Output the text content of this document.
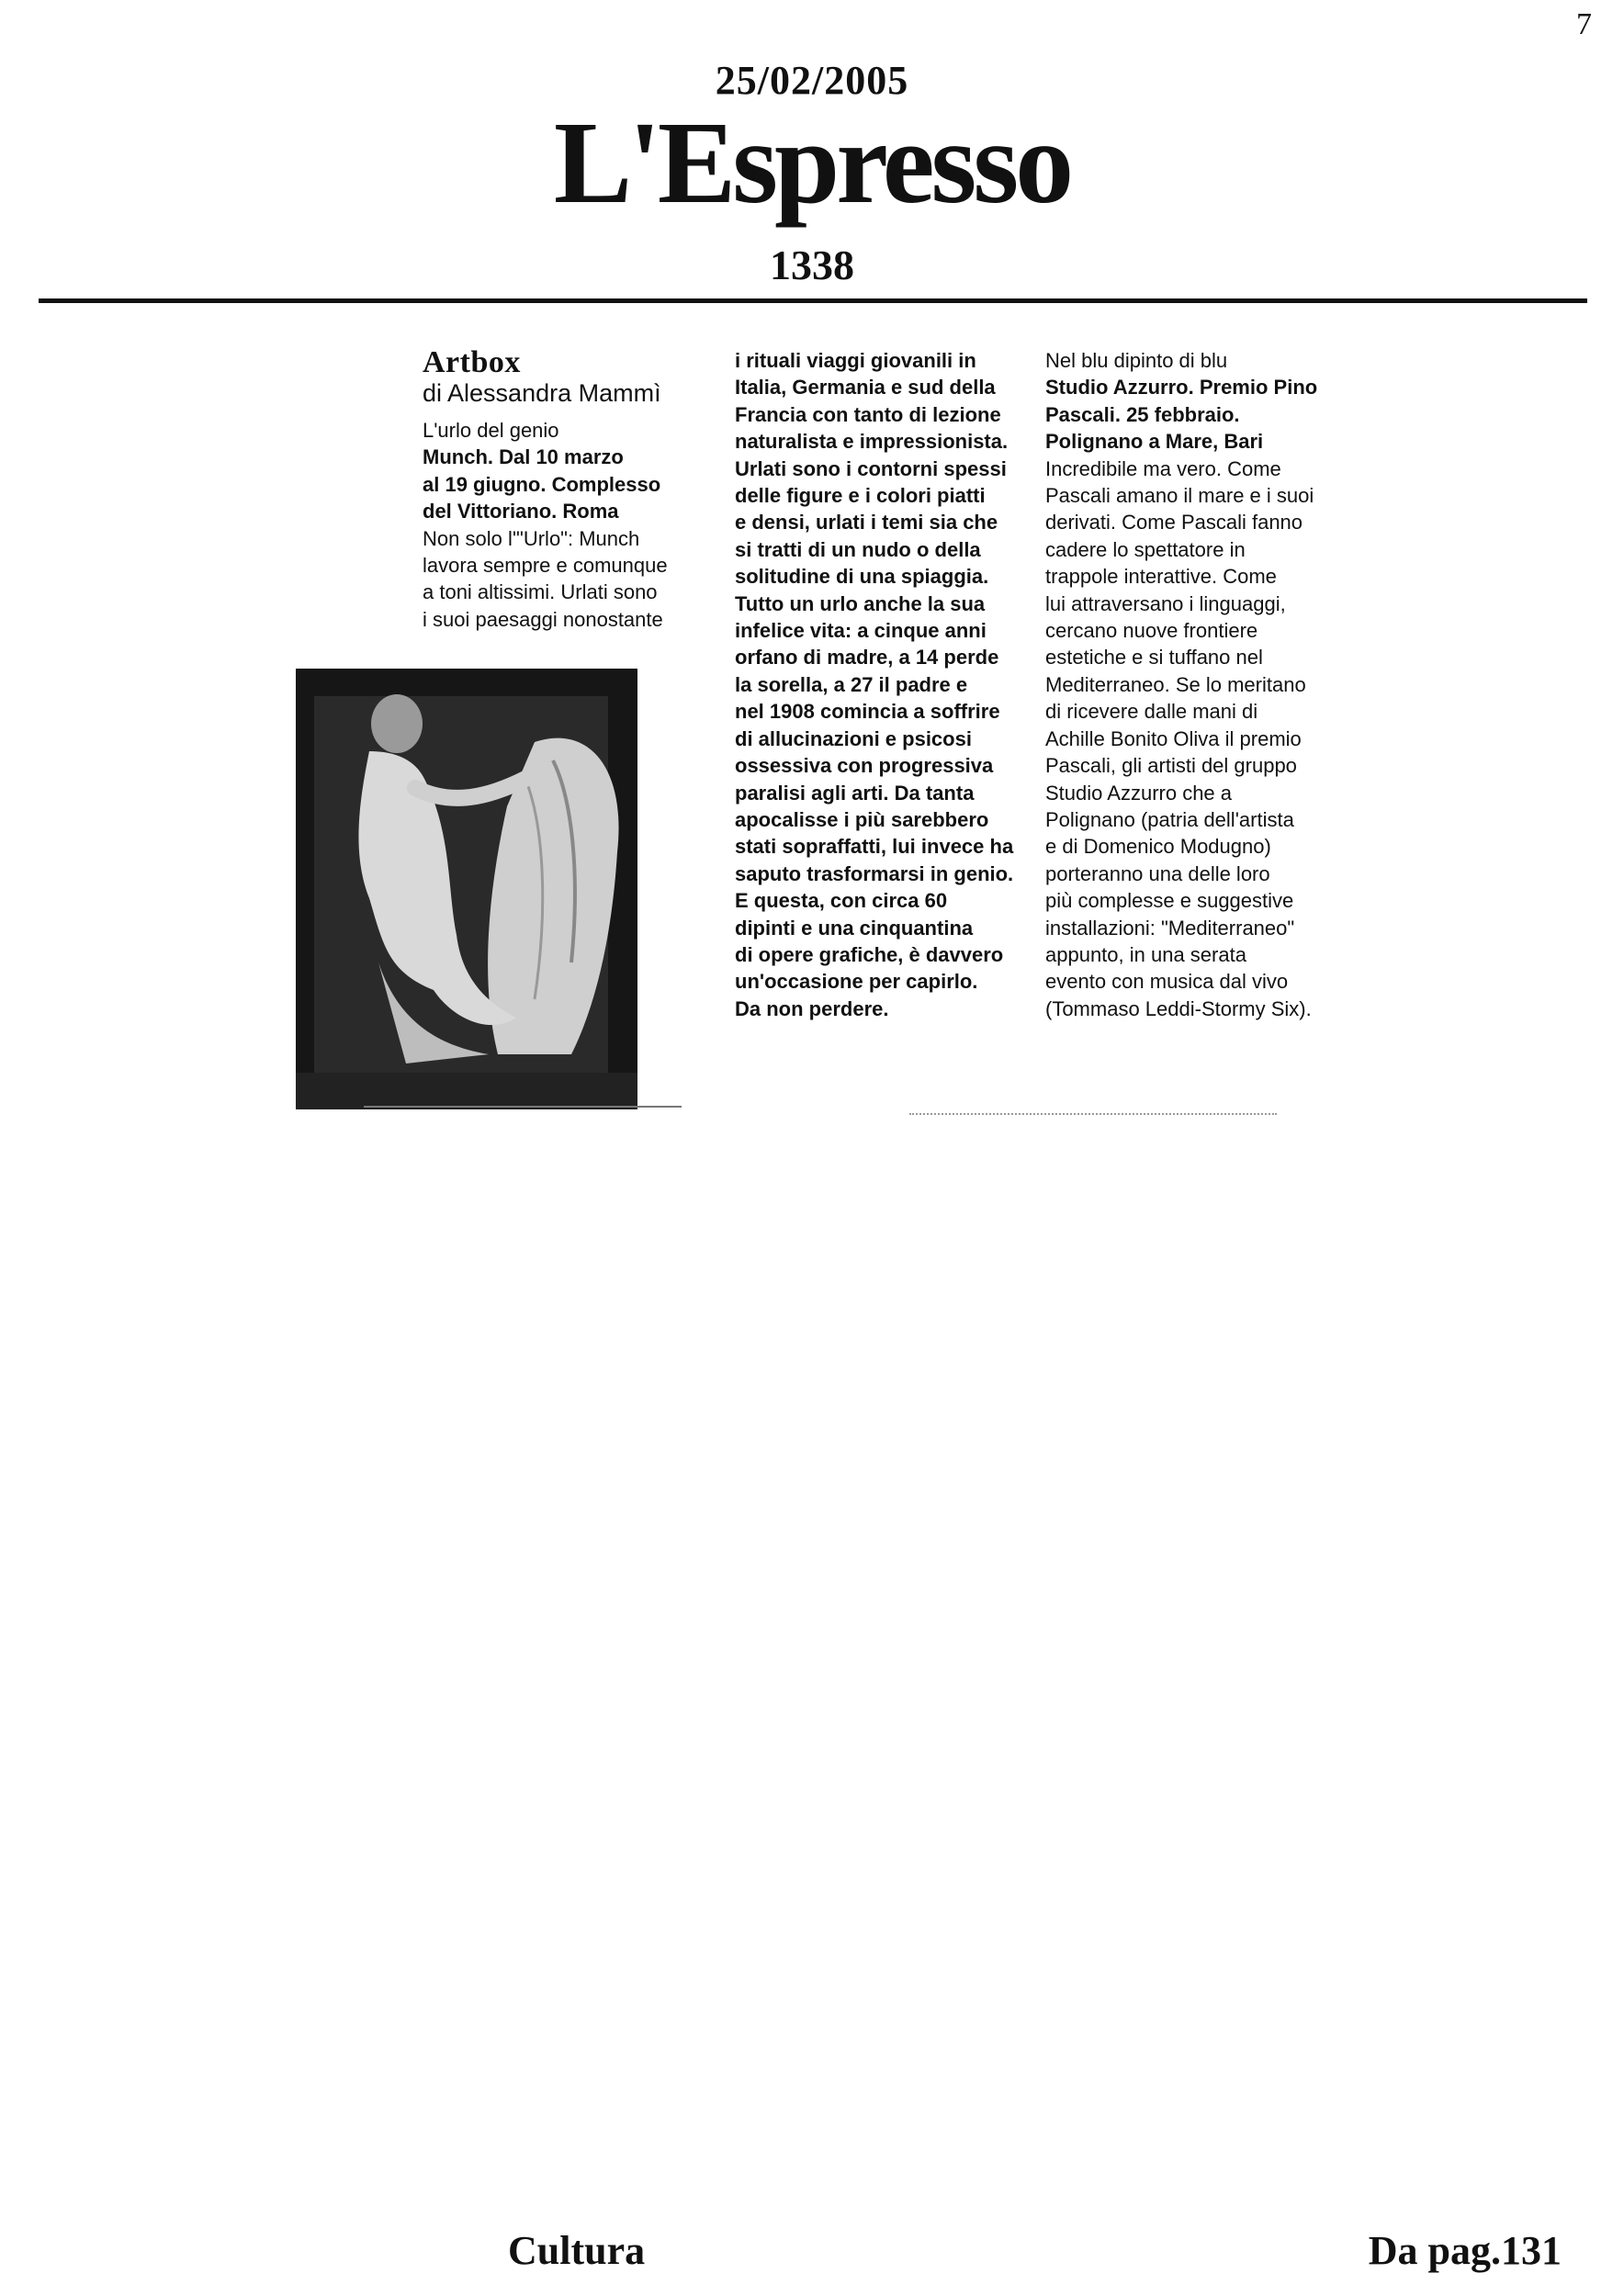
7
25/02/2005
L'Espresso
1338
Artbox
di Alessandra Mammì
L'urlo del genio
Munch. Dal 10 marzo
al 19 giugno. Complesso
del Vittoriano. Roma
Non solo l'"Urlo": Munch
lavora sempre e comunque
a toni altissimi. Urlati sono
i suoi paesaggi nonostante
i rituali viaggi giovanili in
Italia, Germania e sud della
Francia con tanto di lezione
naturalista e impressionista.
Urlati sono i contorni spessi
delle figure e i colori piatti
e densi, urlati i temi sia che
si tratti di un nudo o della
solitudine di una spiaggia.
Tutto un urlo anche la sua
infelice vita: a cinque anni
orfano di madre, a 14 perde
la sorella, a 27 il padre e
nel 1908 comincia a soffrire
di allucinazioni e psicosi
ossessiva con progressiva
paralisi agli arti. Da tanta
apocalisse i più sarebbero
stati sopraffatti, lui invece ha
saputo trasformarsi in genio.
E questa, con circa 60
dipinti e una cinquantina
di opere grafiche, è davvero
un'occasione per capirlo.
Da non perdere.
Nel blu dipinto di blu
Studio Azzurro. Premio Pino
Pascali. 25 febbraio.
Polignano a Mare, Bari
Incredibile ma vero. Come
Pascali amano il mare e i suoi
derivati. Come Pascali fanno
cadere lo spettatore in
trappole interattive. Come
lui attraversano i linguaggi,
cercano nuove frontiere
estetiche e si tuffano nel
Mediterraneo. Se lo meritano
di ricevere dalle mani di
Achille Bonito Oliva il premio
Pascali, gli artisti del gruppo
Studio Azzurro che a
Polignano (patria dell'artista
e di Domenico Modugno)
porteranno una delle loro
più complesse e suggestive
installazioni: "Mediterraneo"
appunto, in una serata
evento con musica dal vivo
(Tommaso Leddi-Stormy Six).
Cultura	Da pag.131
